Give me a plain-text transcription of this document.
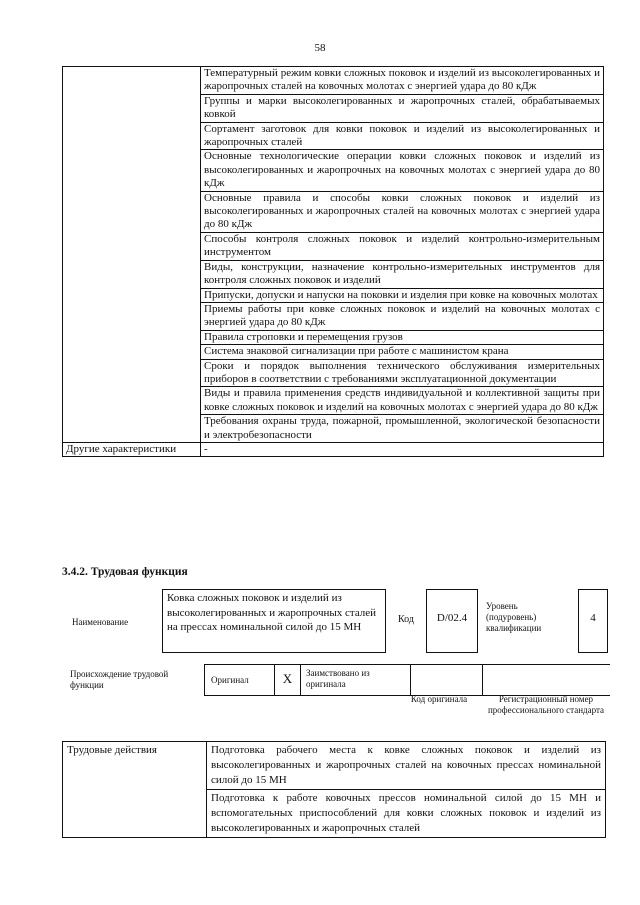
58
	Температурный режим ковки сложных поковок и изделий из высоколегированных и жаропрочных сталей на ковочных молотах с энергией удара до 80 кДж
	Группы и марки высоколегированных и жаропрочных сталей, обрабатываемых ковкой
	Сортамент заготовок для ковки поковок и изделий из высоколегированных и жаропрочных сталей
	Основные технологические операции ковки сложных поковок и изделий из высоколегированных и жаропрочных на ковочных молотах с энергией удара до 80 кДж
	Основные правила и способы ковки сложных поковок и изделий из высоколегированных и жаропрочных сталей на ковочных молотах с энергией удара до 80 кДж
	Способы контроля сложных поковок и изделий контрольно-измерительным инструментом
	Виды, конструкции, назначение контрольно-измерительных инструментов для контроля сложных поковок и изделий
	Припуски, допуски и напуски на поковки и изделия при ковке на ковочных молотах
	Приемы работы при ковке сложных поковок и изделий на ковочных молотах с энергией удара до 80 кДж
	Правила строповки и перемещения грузов
	Система знаковой сигнализации при работе с машинистом крана
	Сроки и порядок выполнения технического обслуживания измерительных приборов в соответствии с требованиями эксплуатационной документации
	Виды и правила применения средств индивидуальной и коллективной защиты при ковке сложных поковок и изделий на ковочных молотах с энергией удара до 80 кДж
	Требования охраны труда, пожарной, промышленной, экологической безопасности и электробезопасности
Другие характеристики	-
3.4.2. Трудовая функция
Наименование
Ковка сложных поковок и изделий из высоколегированных и жаропрочных сталей на прессах номинальной силой до 15 МН
Код	D/02.4
Уровень (подуровень) квалификации
4
Происхождение трудовой функции	Оригинал	X	Заимствовано из оригинала
Код оригинала	Регистрационный номер профессионального стандарта
Трудовые действия	Подготовка рабочего места к ковке сложных поковок и изделий из высоколегированных и жаропрочных сталей на ковочных прессах номинальной силой до 15 МН
Подготовка к работе ковочных прессов номинальной силой до 15 МН и вспомогательных приспособлений для ковки сложных поковок и изделий из высоколегированных и жаропрочных сталей
